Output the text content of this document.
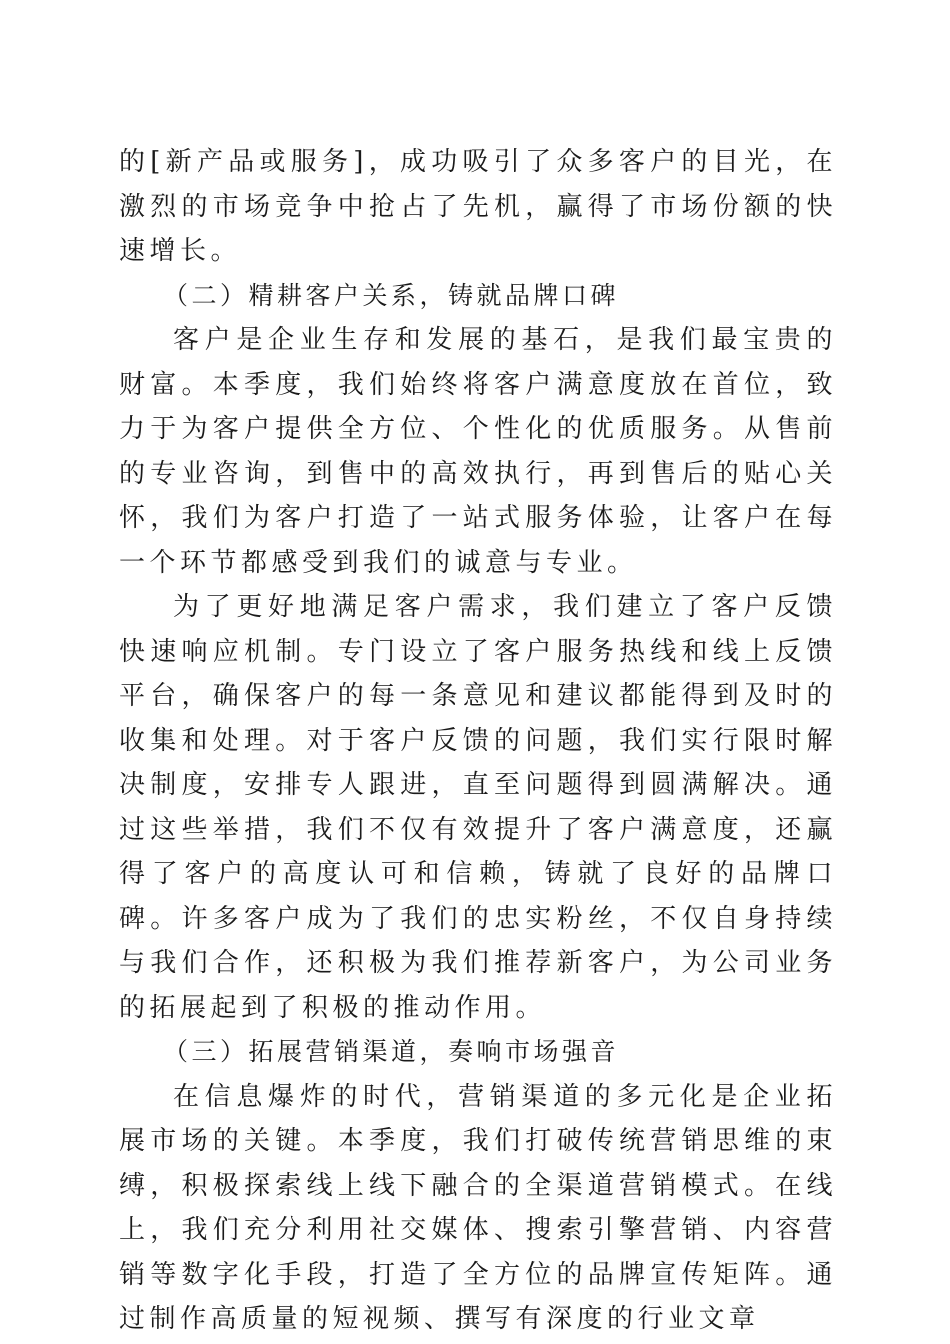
的[新产品或服务]，成功吸引了众多客户的目光，在激烈的市场竞争中抢占了先机，赢得了市场份额的快速增长。

（二）精耕客户关系，铸就品牌口碑

客户是企业生存和发展的基石，是我们最宝贵的财富。本季度，我们始终将客户满意度放在首位，致力于为客户提供全方位、个性化的优质服务。从售前的专业咨询，到售中的高效执行，再到售后的贴心关怀，我们为客户打造了一站式服务体验，让客户在每一个环节都感受到我们的诚意与专业。

为了更好地满足客户需求，我们建立了客户反馈快速响应机制。专门设立了客户服务热线和线上反馈平台，确保客户的每一条意见和建议都能得到及时的收集和处理。对于客户反馈的问题，我们实行限时解决制度，安排专人跟进，直至问题得到圆满解决。通过这些举措，我们不仅有效提升了客户满意度，还赢得了客户的高度认可和信赖，铸就了良好的品牌口碑。许多客户成为了我们的忠实粉丝，不仅自身持续与我们合作，还积极为我们推荐新客户，为公司业务的拓展起到了积极的推动作用。

（三）拓展营销渠道，奏响市场强音

在信息爆炸的时代，营销渠道的多元化是企业拓展市场的关键。本季度，我们打破传统营销思维的束缚，积极探索线上线下融合的全渠道营销模式。在线上，我们充分利用社交媒体、搜索引擎营销、内容营销等数字化手段，打造了全方位的品牌宣传矩阵。通过制作高质量的短视频、撰写有深度的行业文章
